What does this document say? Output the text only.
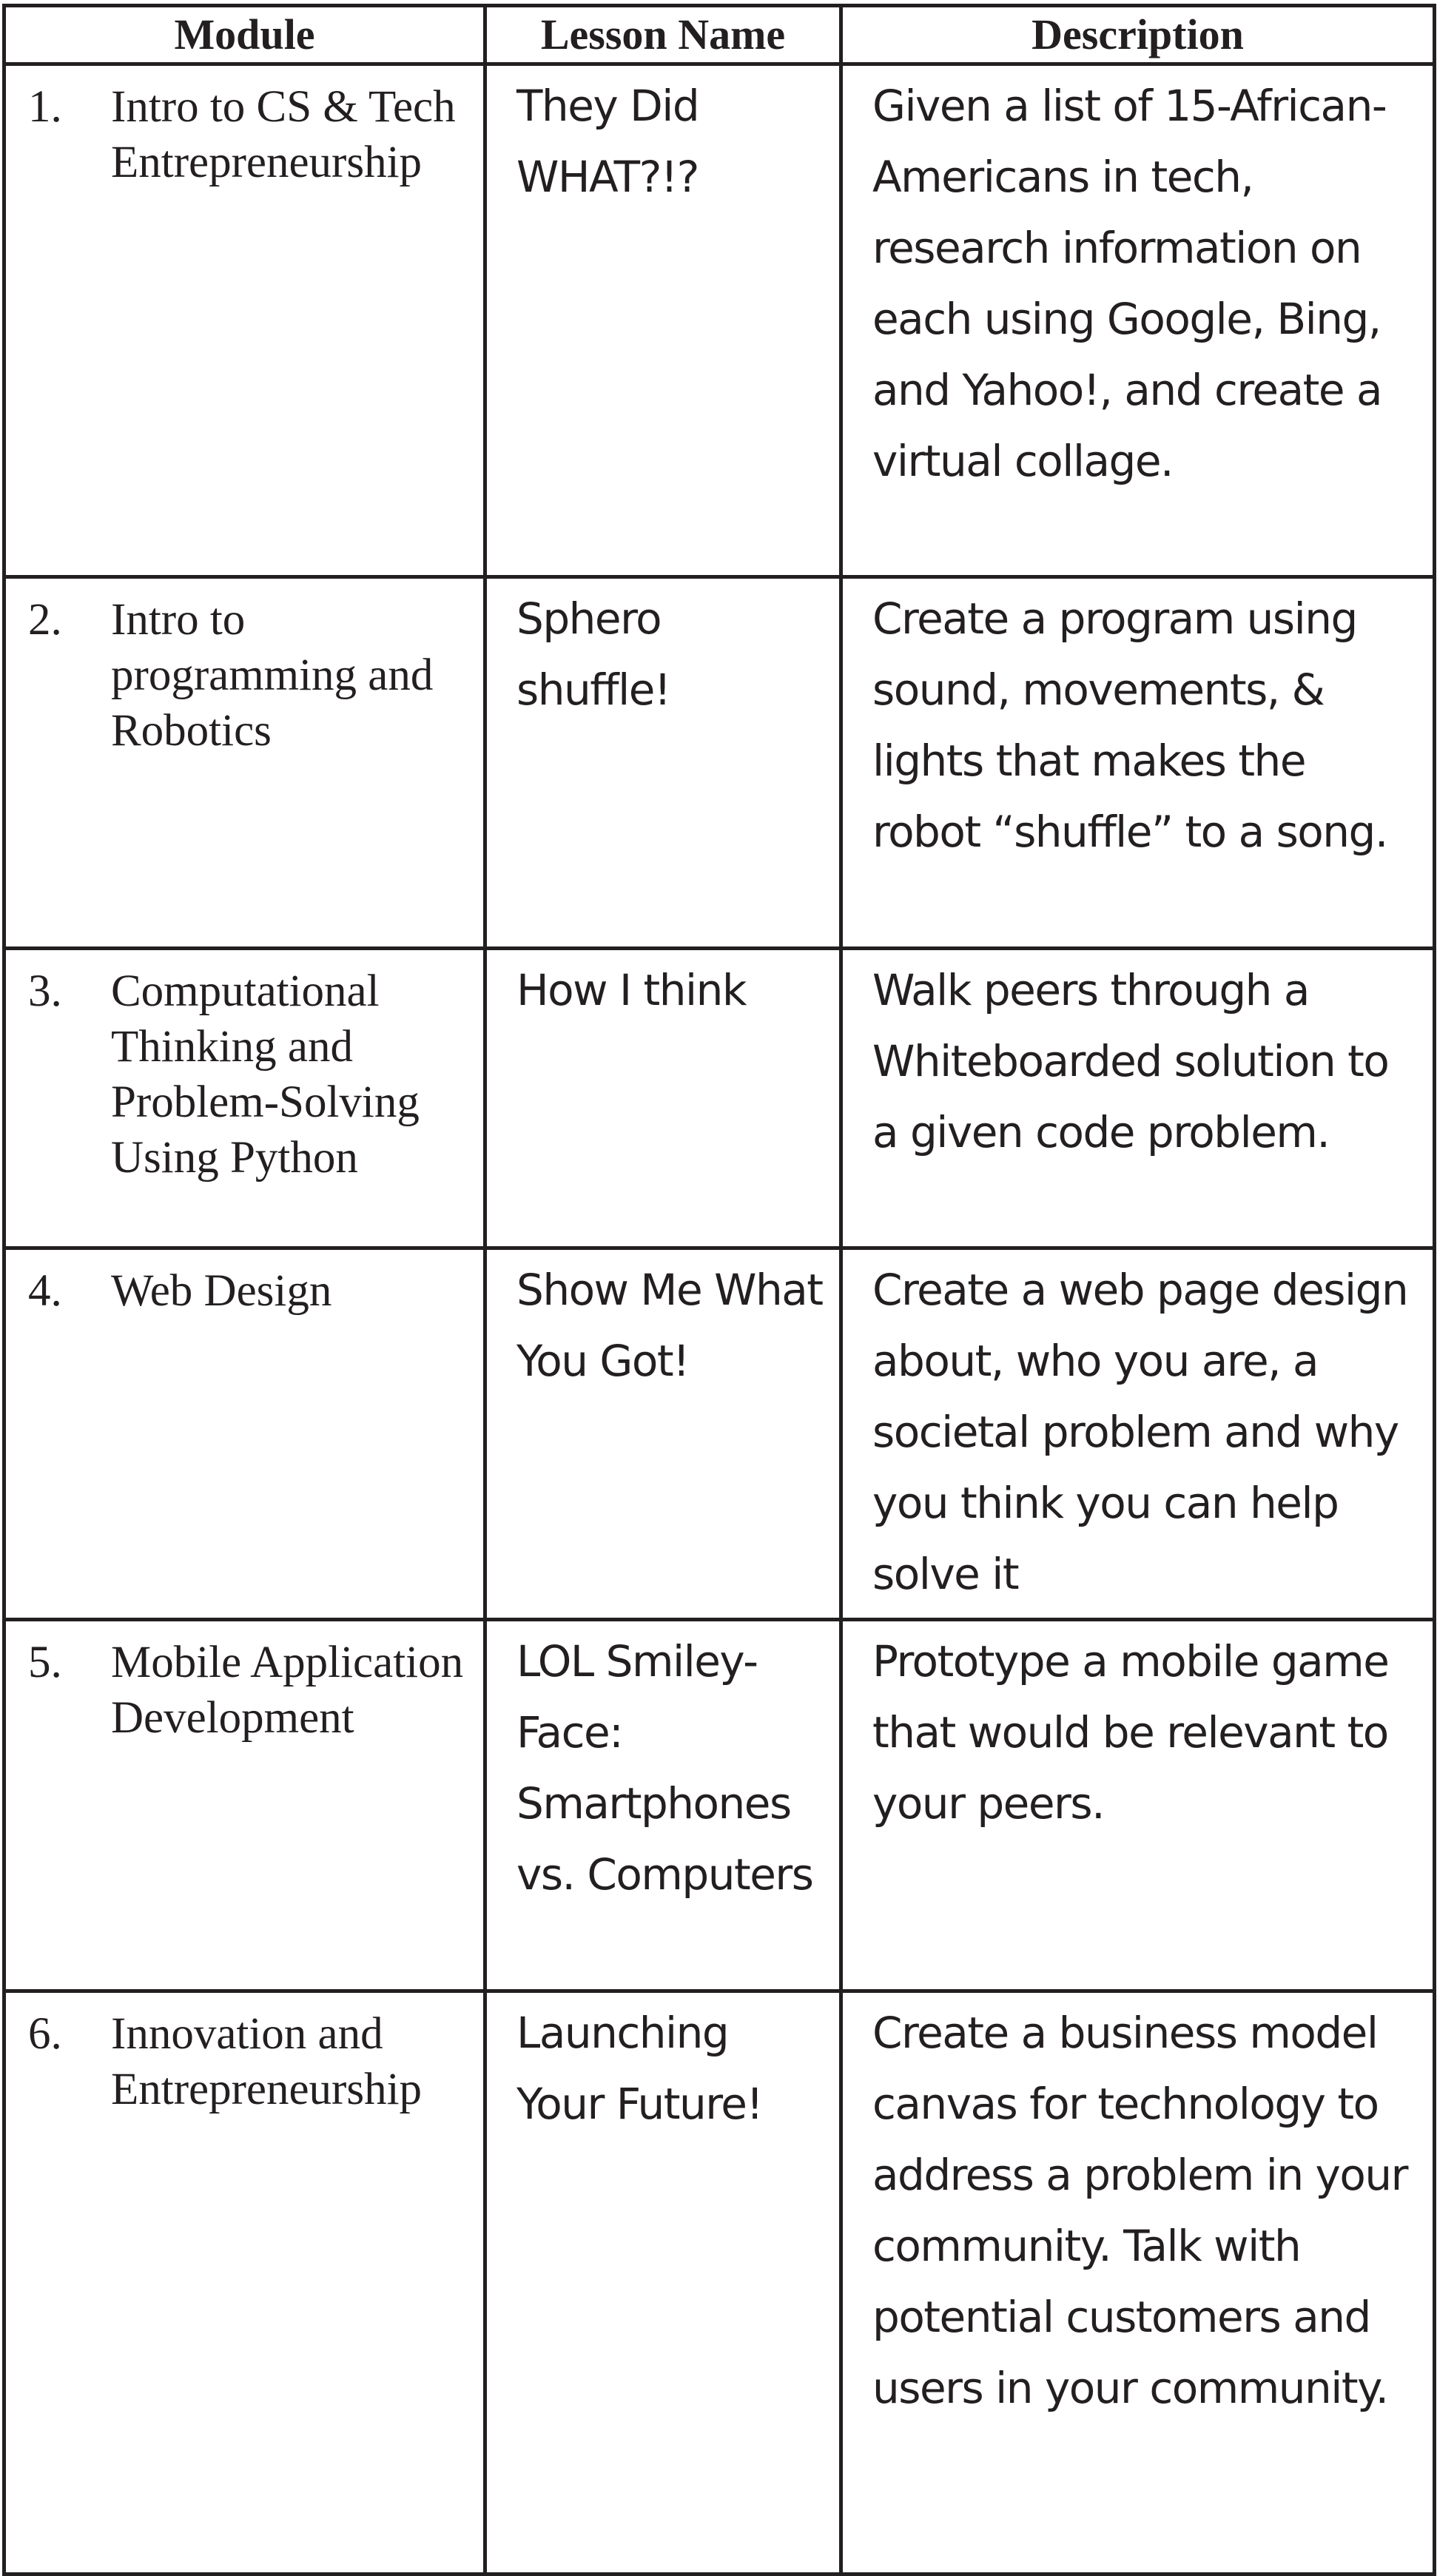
Module	Lesson Name	Description

1. Intro to CS & Tech Entrepreneurship	They Did WHAT?!?	Given a list of 15-African-Americans in tech, research information on each using Google, Bing, and Yahoo!, and create a virtual collage.

2. Intro to programming and Robotics	Sphero shuffle!	Create a program using sound, movements, & lights that makes the robot “shuffle” to a song.

3. Computational Thinking and Problem-Solving Using Python	How I think	Walk peers through a Whiteboarded solution to a given code problem.

4. Web Design	Show Me What You Got!	Create a web page design about, who you are, a societal problem and why you think you can help solve it

5. Mobile Application Development	LOL Smiley-Face: Smartphones vs. Computers	Prototype a mobile game that would be relevant to your peers.

6. Innovation and Entrepreneurship	Launching Your Future!	Create a business model canvas for technology to address a problem in your community. Talk with potential customers and users in your community.
